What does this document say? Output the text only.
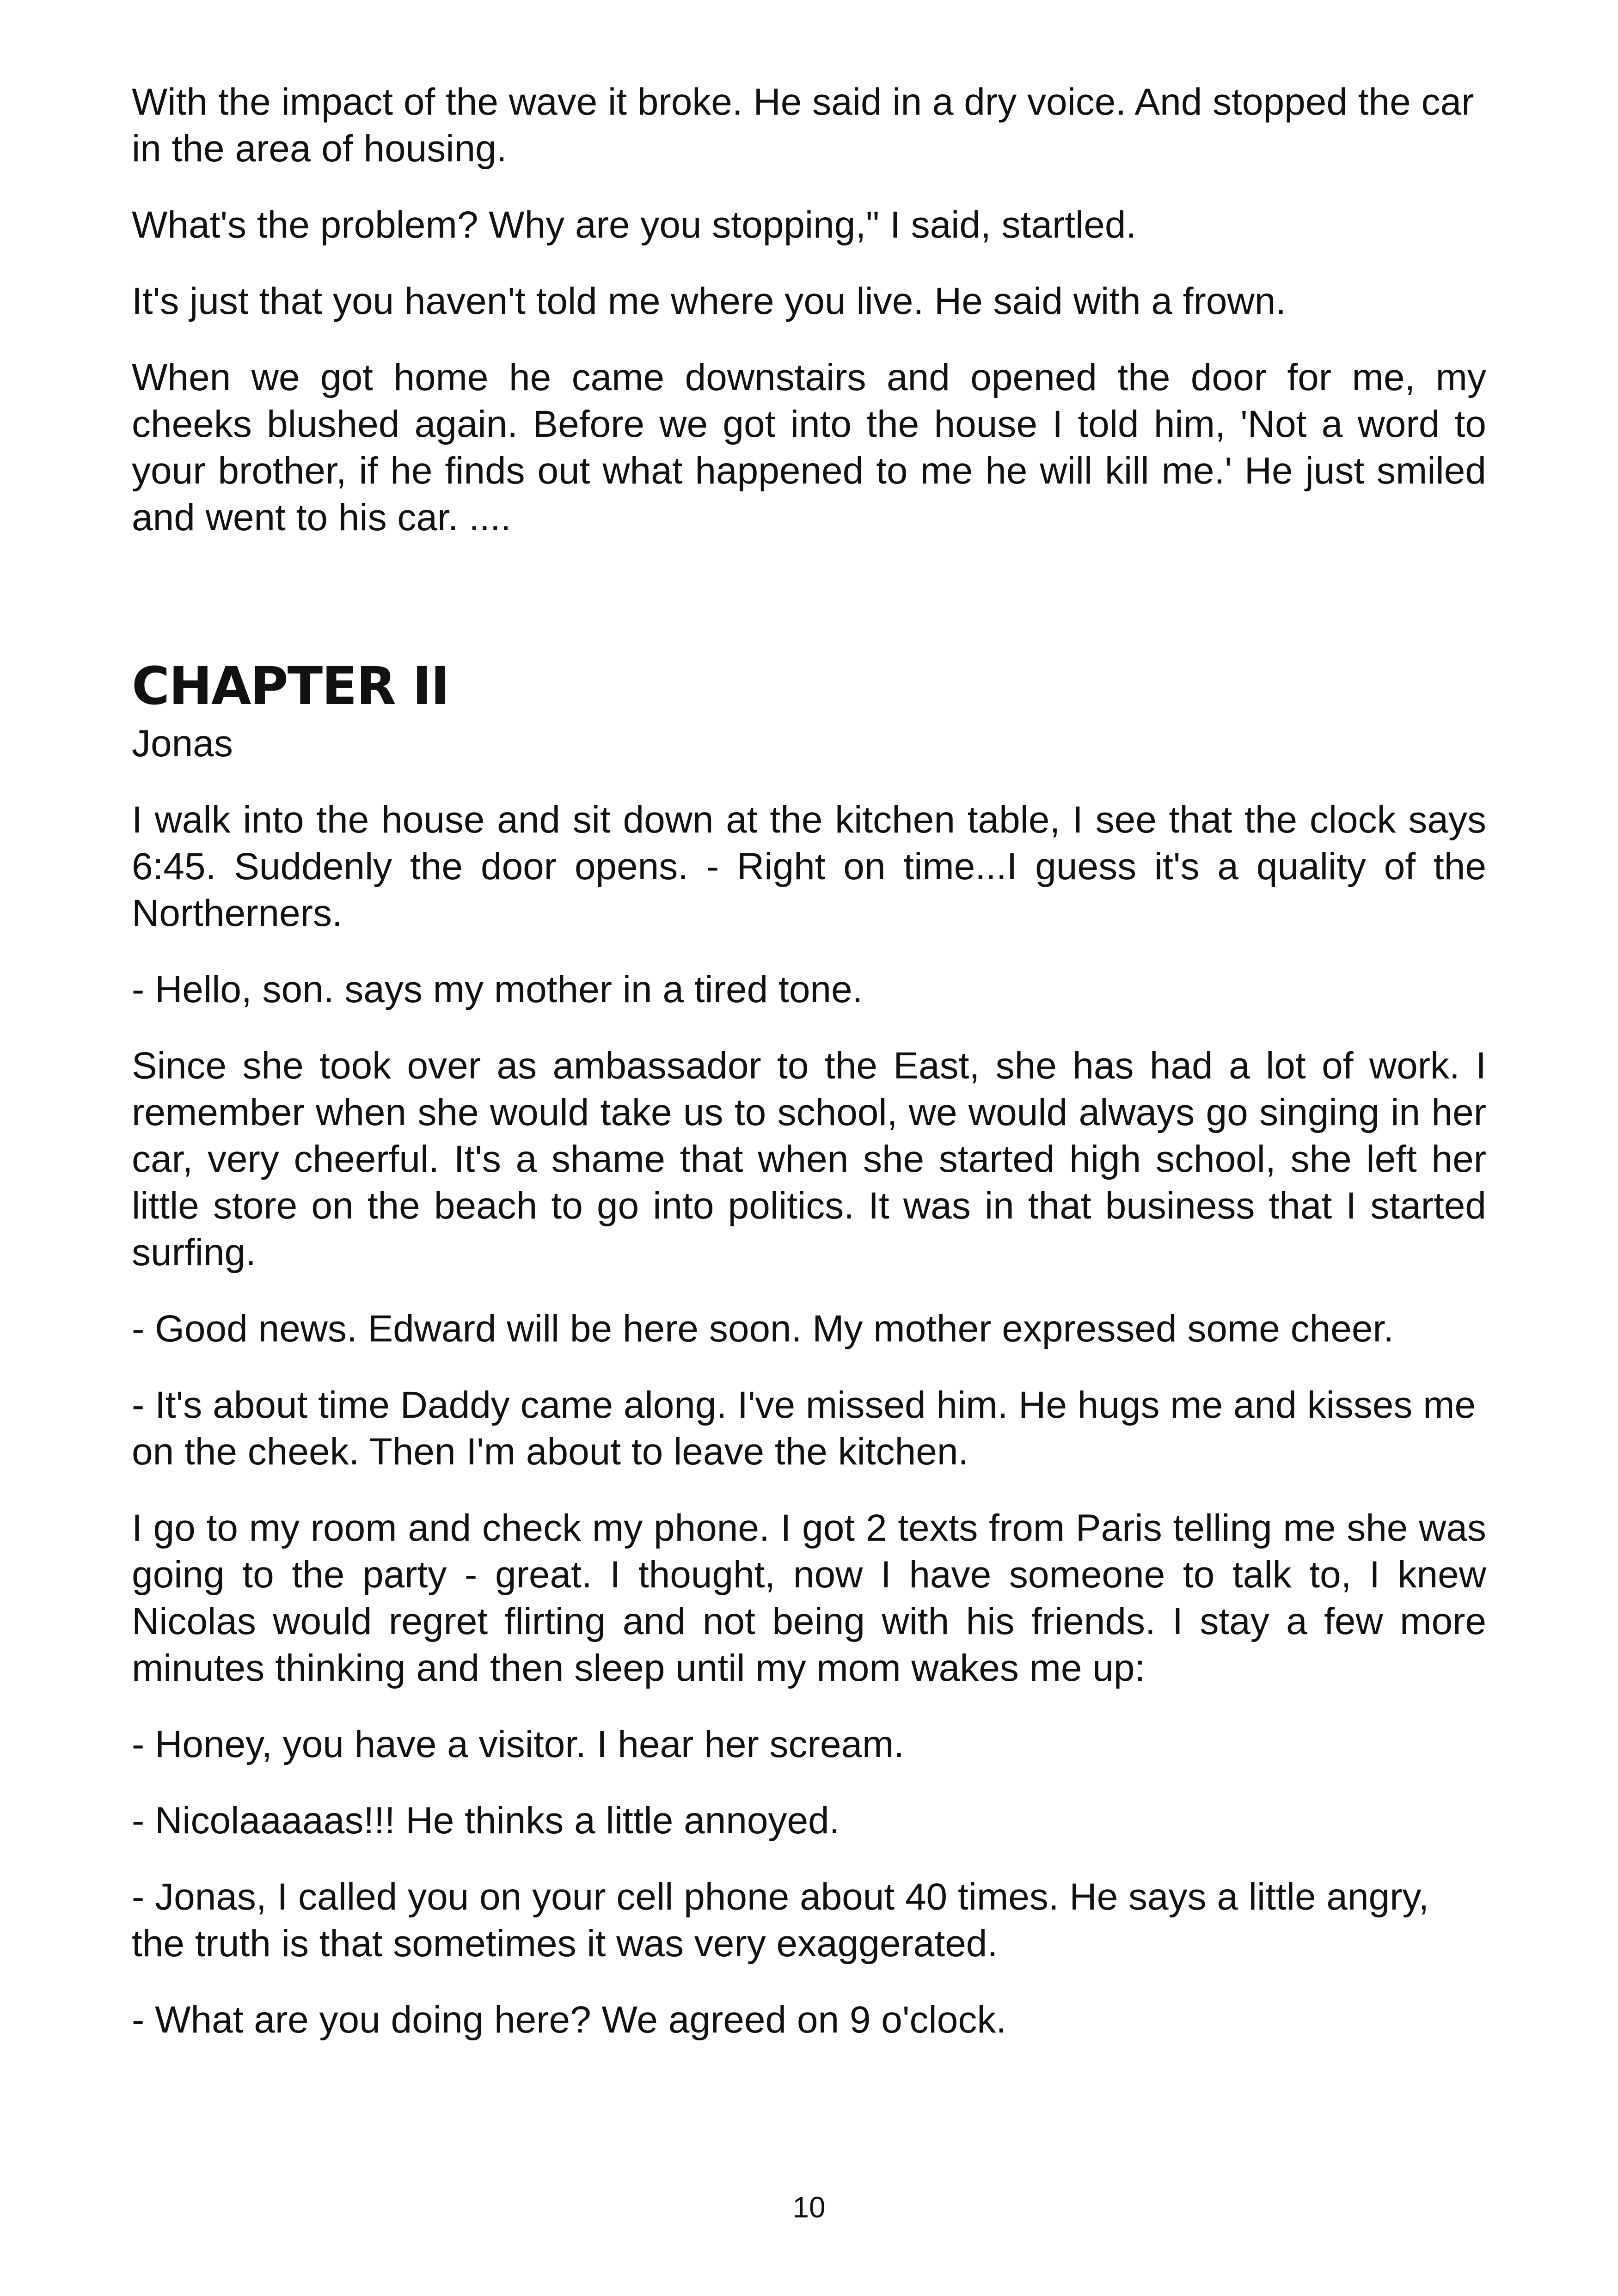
With the impact of the wave it broke. He said in a dry voice. And stopped the car in the area of housing.

What's the problem? Why are you stopping," I said, startled.

It's just that you haven't told me where you live. He said with a frown.

When we got home he came downstairs and opened the door for me, my cheeks blushed again. Before we got into the house I told him, 'Not a word to your brother, if he finds out what happened to me he will kill me.' He just smiled and went to his car. ....

CHAPTER II
Jonas

I walk into the house and sit down at the kitchen table, I see that the clock says 6:45. Suddenly the door opens. - Right on time...I guess it's a quality of the Northerners.

- Hello, son. says my mother in a tired tone.

Since she took over as ambassador to the East, she has had a lot of work. I remember when she would take us to school, we would always go singing in her car, very cheerful. It's a shame that when she started high school, she left her little store on the beach to go into politics. It was in that business that I started surfing.

- Good news. Edward will be here soon. My mother expressed some cheer.

- It's about time Daddy came along. I've missed him. He hugs me and kisses me on the cheek. Then I'm about to leave the kitchen.

I go to my room and check my phone. I got 2 texts from Paris telling me she was going to the party - great. I thought, now I have someone to talk to, I knew Nicolas would regret flirting and not being with his friends. I stay a few more minutes thinking and then sleep until my mom wakes me up:

- Honey, you have a visitor. I hear her scream.

- Nicolaaaaas!!! He thinks a little annoyed.

- Jonas, I called you on your cell phone about 40 times. He says a little angry, the truth is that sometimes it was very exaggerated.

- What are you doing here? We agreed on 9 o'clock.

10
